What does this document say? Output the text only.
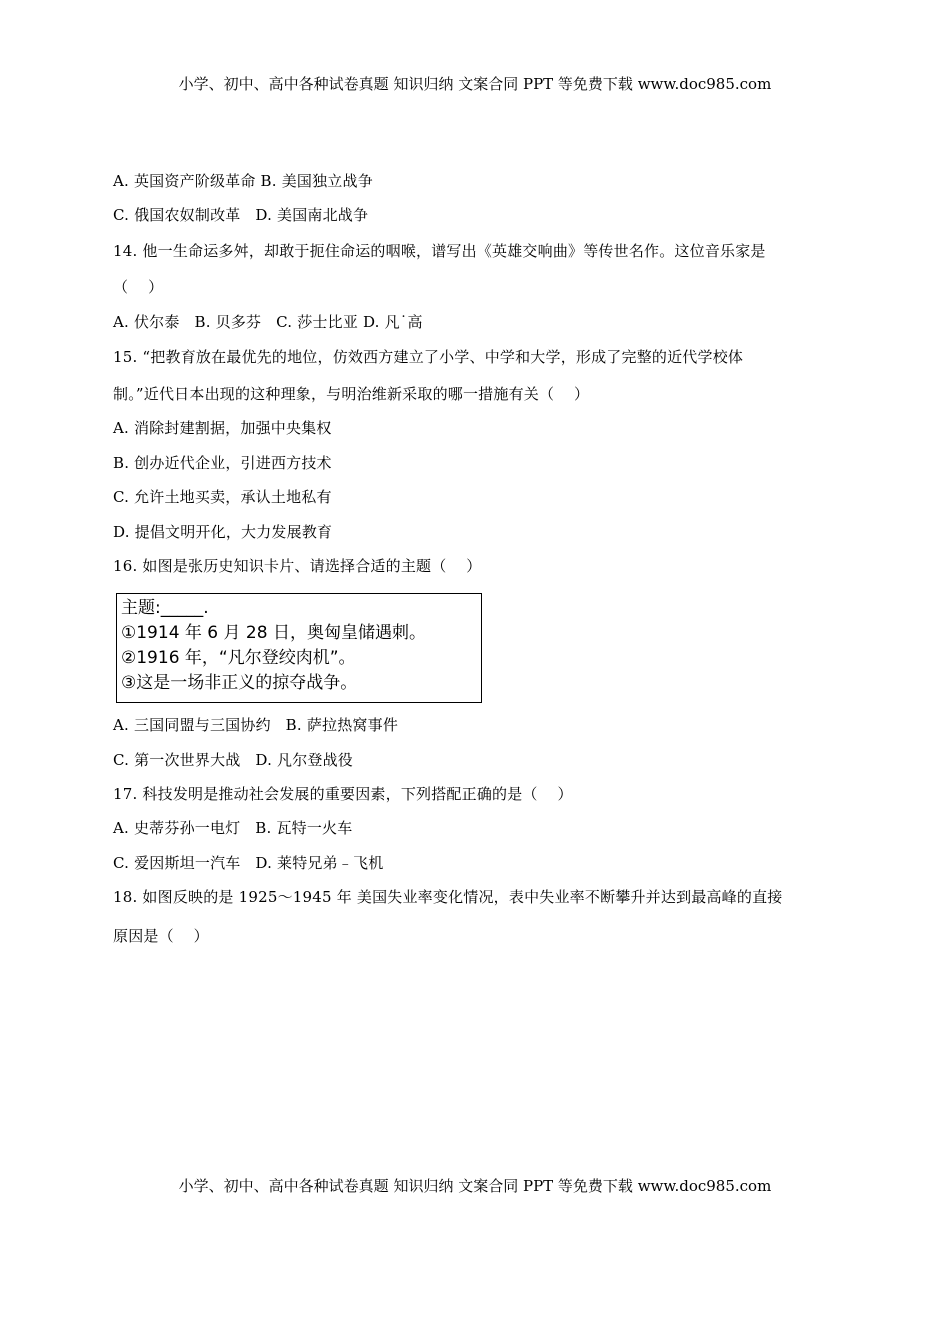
小学、初中、高中各种试卷真题 知识归纳 文案合同 PPT 等免费下载 www.doc985.com
A. 英国资产阶级革命 B. 美国独立战争
C. 俄国农奴制改革   D. 美国南北战争
14. 他一生命运多舛，却敢于扼住命运的咽喉，谱写出《英雄交响曲》等传世名作。这位音乐家是
（    ）
A. 伏尔泰   B. 贝多芬   C. 莎士比亚 D. 凡˙高
15. “把教育放在最优先的地位，仿效西方建立了小学、中学和大学，形成了完整的近代学校体
制。”近代日本出现的这种理象，与明治维新采取的哪一措施有关（    ）
A. 消除封建割据，加强中央集权
B. 创办近代企业，引进西方技术
C. 允许土地买卖，承认土地私有
D. 提倡文明开化，大力发展教育
16. 如图是张历史知识卡片、请选择合适的主题（    ）
主题:_____.
①1914 年 6 月 28 日，奥匈皇储遇刺。
②1916 年，“凡尔登绞肉机”。
③这是一场非正义的掠夺战争。
A. 三国同盟与三国协约   B. 萨拉热窝事件
C. 第一次世界大战   D. 凡尔登战役
17. 科技发明是推动社会发展的重要因素，下列搭配正确的是（    ）
A. 史蒂芬孙一电灯   B. 瓦特一火车
C. 爱因斯坦一汽车   D. 莱特兄弟﹣飞机
18. 如图反映的是 1925～1945 年 美国失业率变化情况，表中失业率不断攀升并达到最高峰的直接
原因是（    ）
小学、初中、高中各种试卷真题 知识归纳 文案合同 PPT 等免费下载 www.doc985.com
